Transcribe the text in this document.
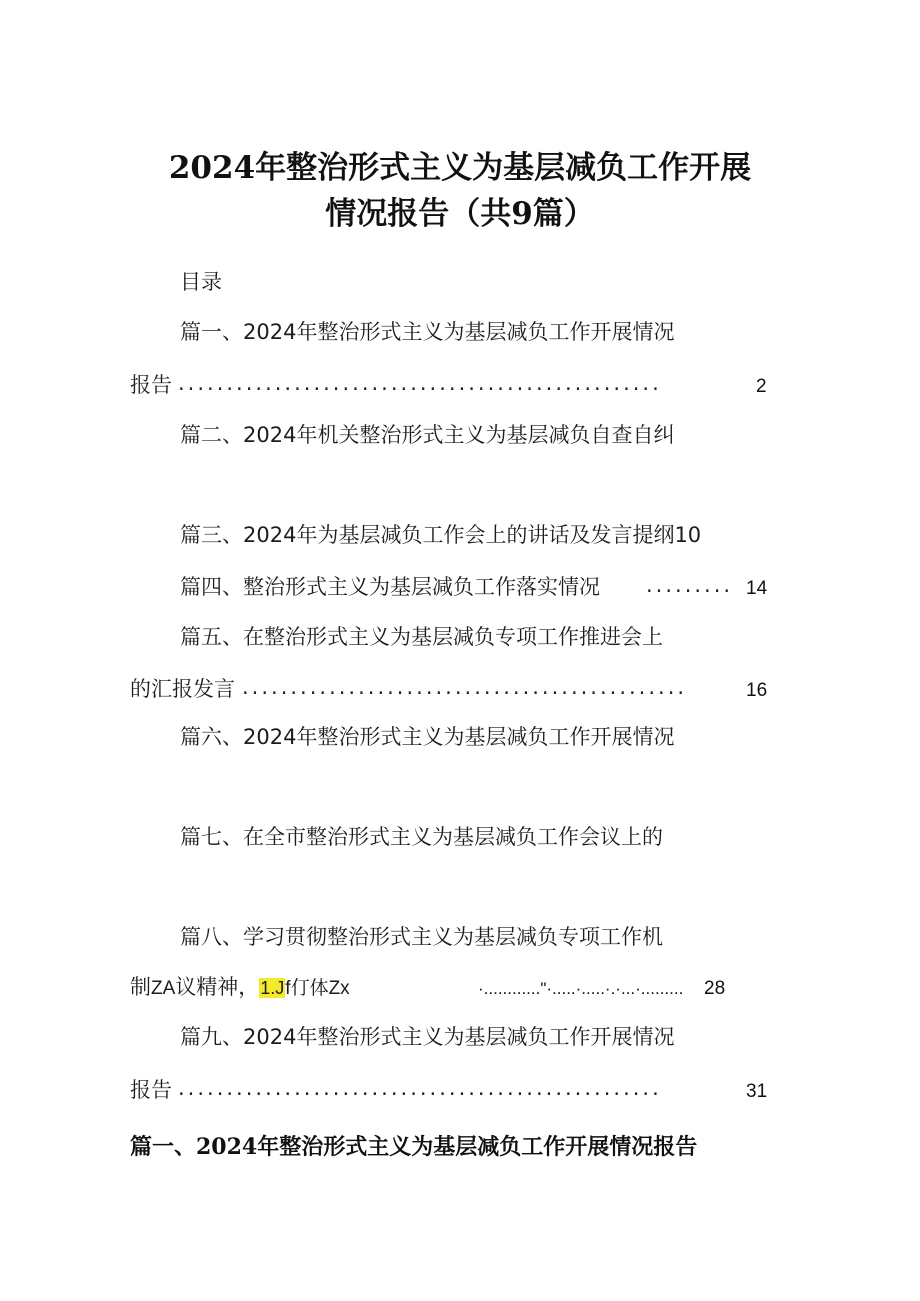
2024年整治形式主义为基层减负工作开展
情况报告（共9篇）
目录
篇一、2024年整治形式主义为基层减负工作开展情况
报告 ..................................................	2
篇二、2024年机关整治形式主义为基层减负自查自纠
篇三、2024年为基层减负工作会上的讲话及发言提纲10
篇四、整治形式主义为基层减负工作落实情况 ......... 14
篇五、在整治形式主义为基层减负专项工作推进会上
的汇报发言 ..............................................	16
篇六、2024年整治形式主义为基层减负工作开展情况
篇七、在全市整治形式主义为基层减负工作会议上的
篇八、学习贯彻整治形式主义为基层减负专项工作机
制ZA议精神，1.Jf仃体Zx	·............"·.....·.....·.·...·......... 28
篇九、2024年整治形式主义为基层减负工作开展情况
报告 ..................................................	31
篇一、2024年整治形式主义为基层减负工作开展情况报告
